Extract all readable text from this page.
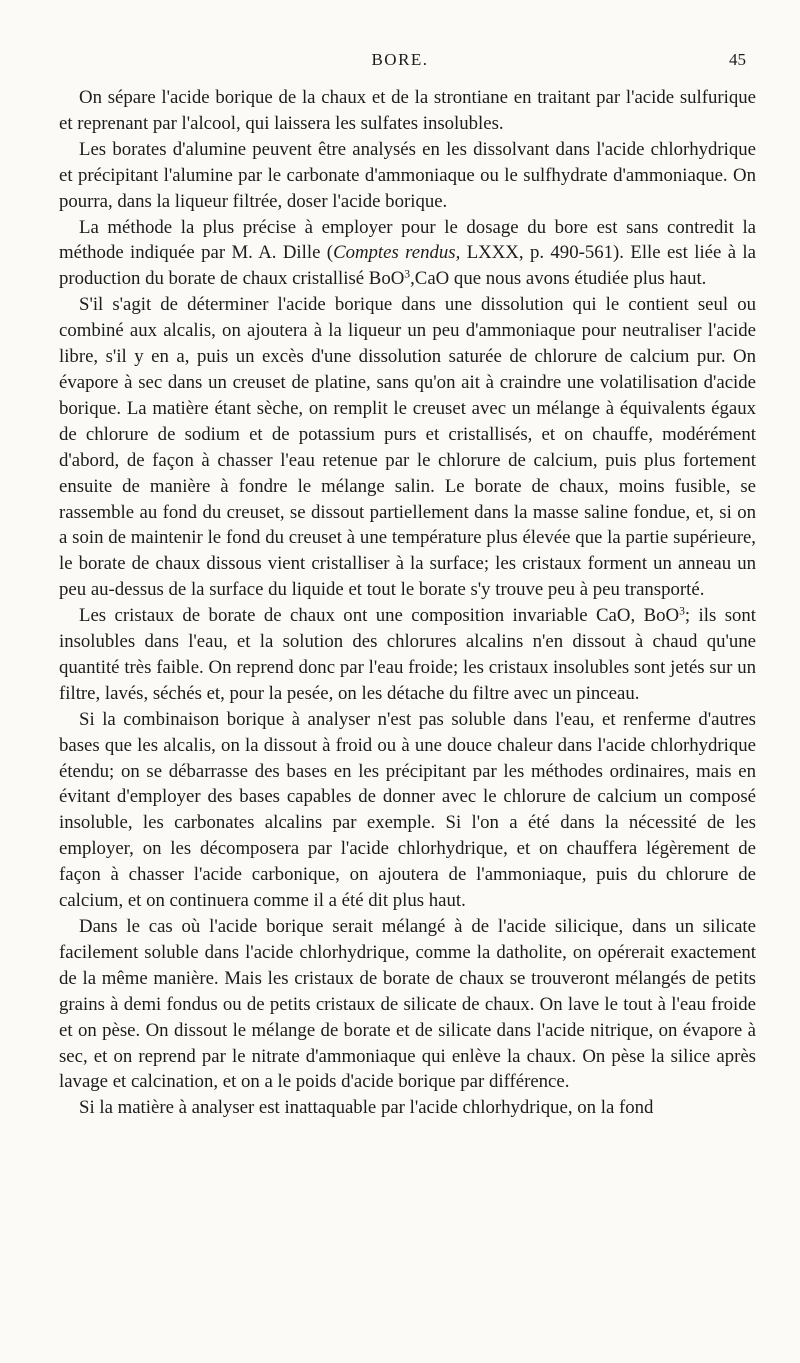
BORE.	45

On sépare l'acide borique de la chaux et de la strontiane en traitant par l'acide sulfurique et reprenant par l'alcool, qui laissera les sulfates insolubles.

Les borates d'alumine peuvent être analysés en les dissolvant dans l'acide chlorhydrique et précipitant l'alumine par le carbonate d'ammoniaque ou le sulfhydrate d'ammoniaque. On pourra, dans la liqueur filtrée, doser l'acide borique.

La méthode la plus précise à employer pour le dosage du bore est sans contredit la méthode indiquée par M. A. Dille (Comptes rendus, LXXX, p. 490-561). Elle est liée à la production du borate de chaux cristallisé BoO$^3$,CaO que nous avons étudiée plus haut.

S'il s'agit de déterminer l'acide borique dans une dissolution qui le contient seul ou combiné aux alcalis, on ajoutera à la liqueur un peu d'ammoniaque pour neutraliser l'acide libre, s'il y en a, puis un excès d'une dissolution saturée de chlorure de calcium pur. On évapore à sec dans un creuset de platine, sans qu'on ait à craindre une volatilisation d'acide borique. La matière étant sèche, on remplit le creuset avec un mélange à équivalents égaux de chlorure de sodium et de potassium purs et cristallisés, et on chauffe, modérément d'abord, de façon à chasser l'eau retenue par le chlorure de calcium, puis plus fortement ensuite de manière à fondre le mélange salin. Le borate de chaux, moins fusible, se rassemble au fond du creuset, se dissout partiellement dans la masse saline fondue, et, si on a soin de maintenir le fond du creuset à une température plus élevée que la partie supérieure, le borate de chaux dissous vient cristalliser à la surface; les cristaux forment un anneau un peu au-dessus de la surface du liquide et tout le borate s'y trouve peu à peu transporté.

Les cristaux de borate de chaux ont une composition invariable CaO, BoO$^3$; ils sont insolubles dans l'eau, et la solution des chlorures alcalins n'en dissout à chaud qu'une quantité très faible. On reprend donc par l'eau froide; les cristaux insolubles sont jetés sur un filtre, lavés, séchés et, pour la pesée, on les détache du filtre avec un pinceau.

Si la combinaison borique à analyser n'est pas soluble dans l'eau, et renferme d'autres bases que les alcalis, on la dissout à froid ou à une douce chaleur dans l'acide chlorhydrique étendu; on se débarrasse des bases en les précipitant par les méthodes ordinaires, mais en évitant d'employer des bases capables de donner avec le chlorure de calcium un composé insoluble, les carbonates alcalins par exemple. Si l'on a été dans la nécessité de les employer, on les décomposera par l'acide chlorhydrique, et on chauffera légèrement de façon à chasser l'acide carbonique, on ajoutera de l'ammoniaque, puis du chlorure de calcium, et on continuera comme il a été dit plus haut.

Dans le cas où l'acide borique serait mélangé à de l'acide silicique, dans un silicate facilement soluble dans l'acide chlorhydrique, comme la datholite, on opérerait exactement de la même manière. Mais les cristaux de borate de chaux se trouveront mélangés de petits grains à demi fondus ou de petits cristaux de silicate de chaux. On lave le tout à l'eau froide et on pèse. On dissout le mélange de borate et de silicate dans l'acide nitrique, on évapore à sec, et on reprend par le nitrate d'ammoniaque qui enlève la chaux. On pèse la silice après lavage et calcination, et on a le poids d'acide borique par différence.

Si la matière à analyser est inattaquable par l'acide chlorhydrique, on la fond
